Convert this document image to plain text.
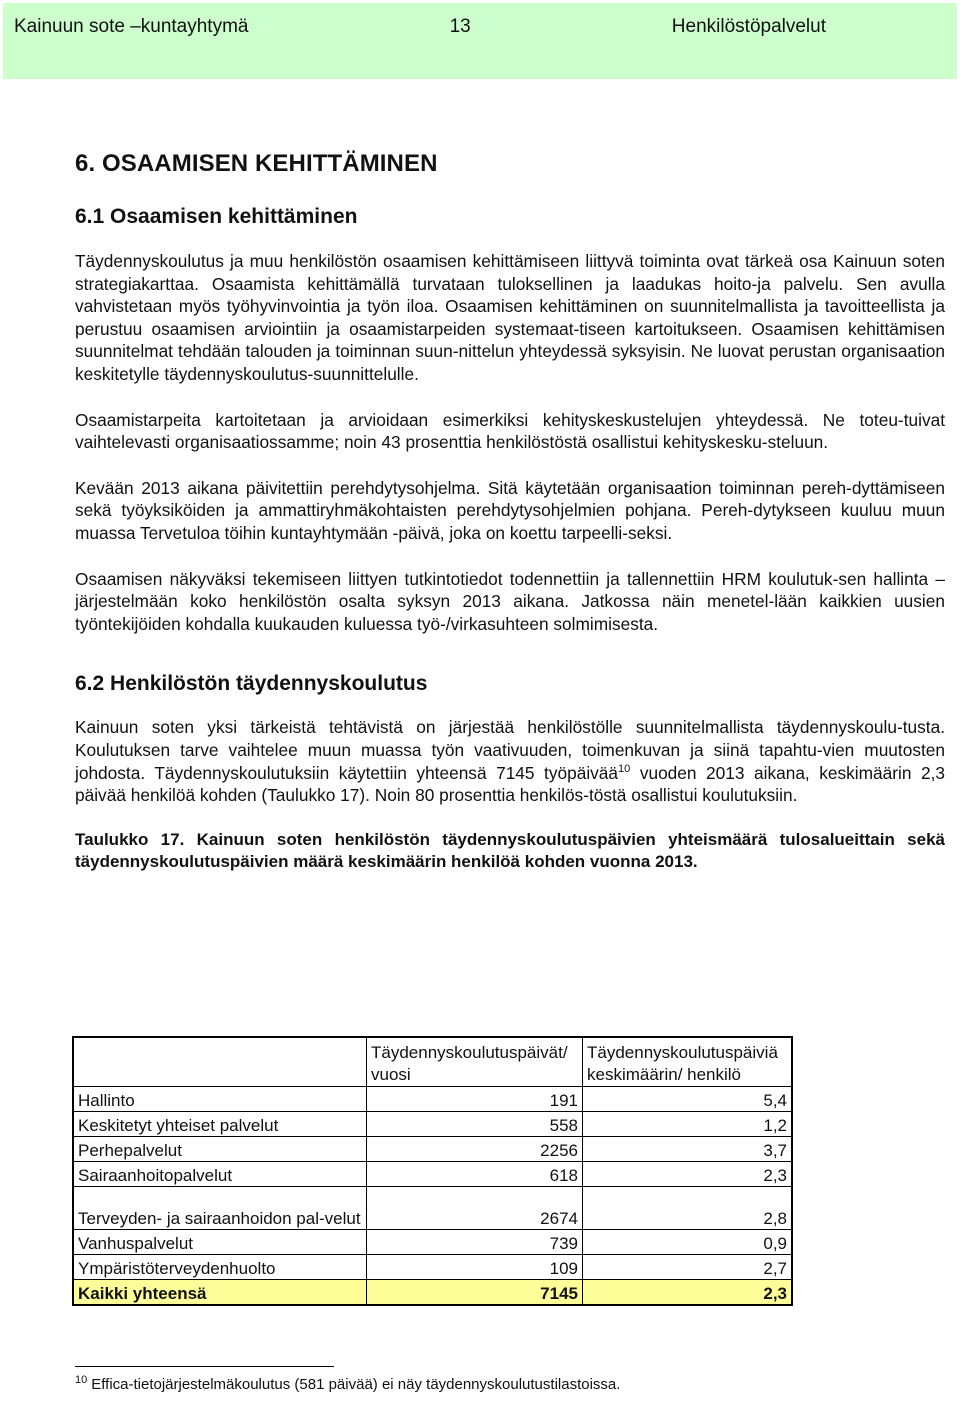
Kainuun sote –kuntayhtymä	13	Henkilöstöpalvelut
6. OSAAMISEN KEHITTÄMINEN
6.1 Osaamisen kehittäminen

Täydennyskoulutus ja muu henkilöstön osaamisen kehittämiseen liittyvä toiminta ovat tärkeä osa Kainuun soten strategiakarttaa. Osaamista kehittämällä turvataan tuloksellinen ja laadukas hoito-ja palvelu. Sen avulla vahvistetaan myös työhyvinvointia ja työn iloa. Osaamisen kehittäminen on suunnitelmallista ja tavoitteellista ja perustuu osaamisen arviointiin ja osaamistarpeiden systemaat-tiseen kartoitukseen. Osaamisen kehittämisen suunnitelmat tehdään talouden ja toiminnan suun-nittelun yhteydessä syksyisin. Ne luovat perustan organisaation keskitetylle täydennyskoulutus-suunnittelulle.

Osaamistarpeita kartoitetaan ja arvioidaan esimerkiksi kehityskeskustelujen yhteydessä. Ne toteu-tuivat vaihtelevasti organisaatiossamme; noin 43 prosenttia henkilöstöstä osallistui kehityskesku-steluun.

Kevään 2013 aikana päivitettiin perehdytysohjelma. Sitä käytetään organisaation toiminnan pereh-dyttämiseen sekä työyksiköiden ja ammattiryhmäkohtaisten perehdytysohjelmien pohjana. Pereh-dytykseen kuuluu muun muassa Tervetuloa töihin kuntayhtymään -päivä, joka on koettu tarpeelli-seksi.

Osaamisen näkyväksi tekemiseen liittyen tutkintotiedot todennettiin ja tallennettiin HRM koulutuk-sen hallinta – järjestelmään koko henkilöstön osalta syksyn 2013 aikana. Jatkossa näin menetel-lään kaikkien uusien työntekijöiden kohdalla kuukauden kuluessa työ-/virkasuhteen solmimisesta.

6.2 Henkilöstön täydennyskoulutus

Kainuun soten yksi tärkeistä tehtävistä on järjestää henkilöstölle suunnitelmallista täydennyskoulu-tusta. Koulutuksen tarve vaihtelee muun muassa työn vaativuuden, toimenkuvan ja siinä tapahtu-vien muutosten johdosta. Täydennyskoulutuksiin käytettiin yhteensä 7145 työpäivää$^{10}$ vuoden 2013 aikana, keskimäärin 2,3 päivää henkilöä kohden (Taulukko 17). Noin 80 prosenttia henkilös-töstä osallistui koulutuksiin.

Taulukko 17. Kainuun soten henkilöstön täydennyskoulutuspäivien yhteismäärä tulosalueittain sekä täydennyskoulutuspäivien määrä keskimäärin henkilöä kohden vuonna 2013.
	Täydennyskoulutuspäivät/ vuosi	Täydennyskoulutuspäiviä keskimäärin/ henkilö
Hallinto	191	5,4
Keskitetyt yhteiset palvelut	558	1,2
Perhepalvelut	2256	3,7
Sairaanhoitopalvelut	618	2,3
Terveyden- ja sairaanhoidon pal-velut	2674	2,8
Vanhuspalvelut	739	0,9
Ympäristöterveydenhuolto	109	2,7
Kaikki yhteensä	7145	2,3
$^{10}$ Effica-tietojärjestelmäkoulutus (581 päivää) ei näy täydennyskoulutustilastoissa.
